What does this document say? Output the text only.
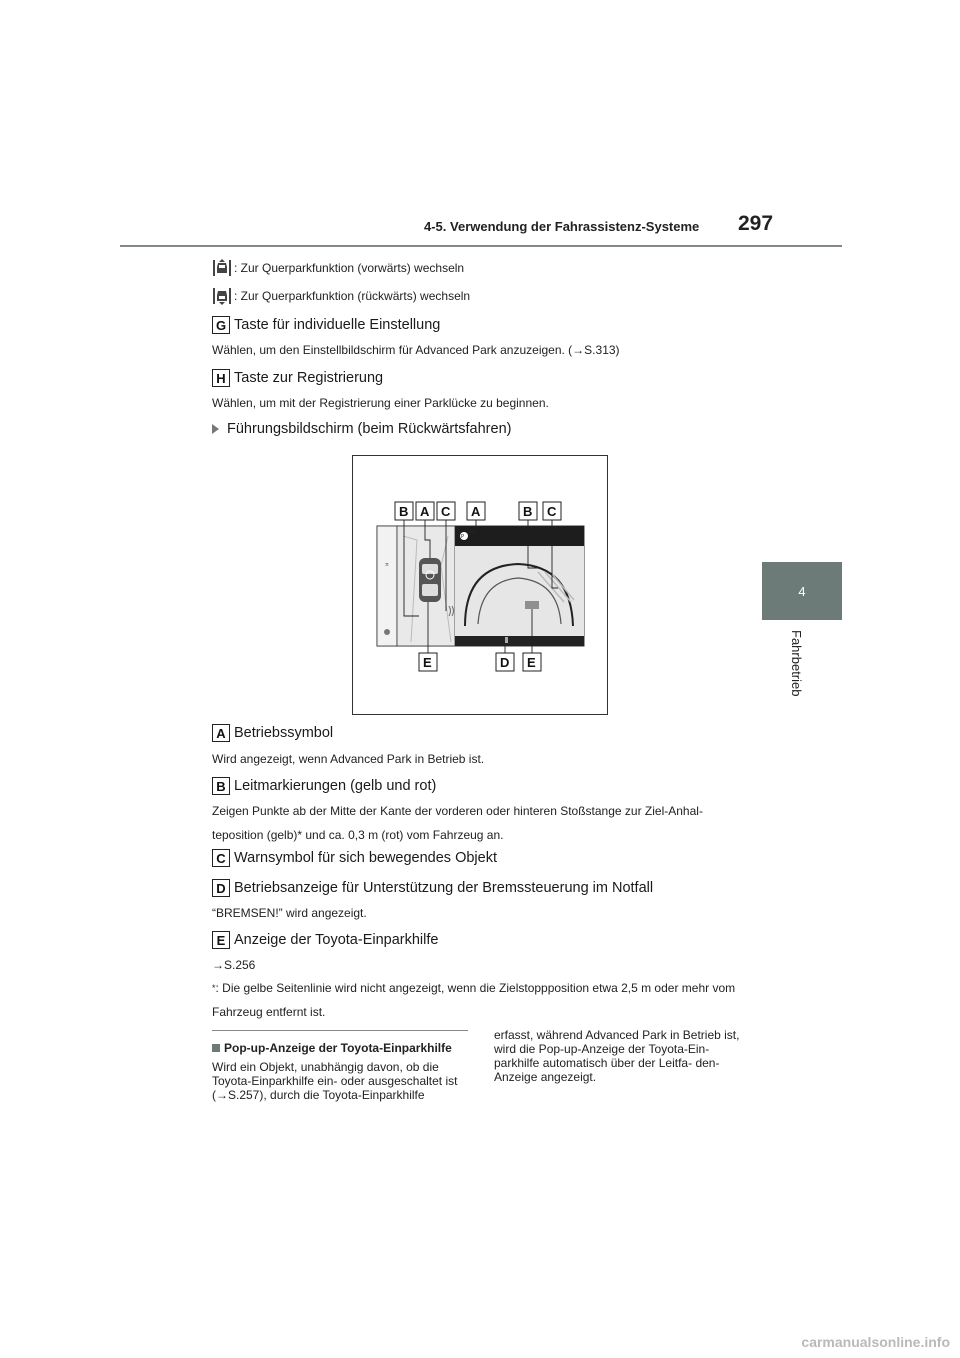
4-5. Verwendung der Fahrassistenz-Systeme 297
4
Fahrbetrieb
: Zur Querparkfunktion (vorwärts) wechseln
: Zur Querparkfunktion (rückwärts) wechseln
G Taste für individuelle Einstellung
Wählen, um den Einstellbildschirm für Advanced Park anzuzeigen. (→S.313)
H Taste zur Registrierung
Wählen, um mit der Registrierung einer Parklücke zu beginnen.
Führungsbildschirm (beim Rückwärtsfahren)
⌅
P
B A C A	B C
E	D E
A Betriebssymbol
Wird angezeigt, wenn Advanced Park in Betrieb ist.
B Leitmarkierungen (gelb und rot)
Zeigen Punkte ab der Mitte der Kante der vorderen oder hinteren Stoßstange zur Ziel-Anhal- teposition (gelb)* und ca. 0,3 m (rot) vom Fahrzeug an.
C Warnsymbol für sich bewegendes Objekt
D Betriebsanzeige für Unterstützung der Bremssteuerung im Notfall
“BREMSEN!” wird angezeigt.
E Anzeige der Toyota-Einparkhilfe
→S.256
*: Die gelbe Seitenlinie wird nicht angezeigt, wenn die Zielstoppposition etwa 2,5 m oder mehr vom Fahrzeug entfernt ist.
Pop-up-Anzeige der Toyota-Einparkhilfe
Wird ein Objekt, unabhängig davon, ob die Toyota-Einparkhilfe ein- oder ausgeschaltet ist (→S.257), durch die Toyota-Einparkhilfe
erfasst, während Advanced Park in Betrieb ist, wird die Pop-up-Anzeige der Toyota-Ein- parkhilfe automatisch über der Leitfa- den-Anzeige angezeigt.
carmanualsonline.info
